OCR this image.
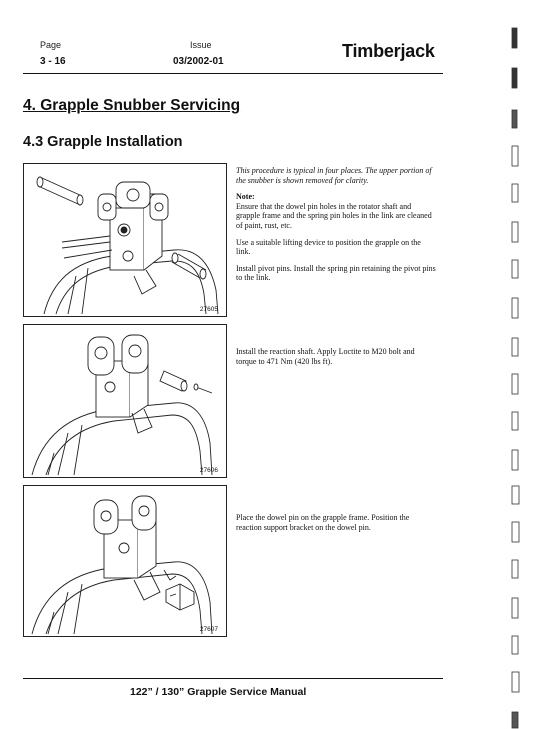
Page
3 - 16
Issue
03/2002-01
Timberjack
4. Grapple Snubber Servicing
4.3 Grapple Installation
27605

This procedure is typical in four places. The upper portion of the snubber is shown removed for clarity.

Note:

Ensure that the dowel pin holes in the rotator shaft and grapple frame and the spring pin holes in the link are cleaned of paint, rust, etc.

Use a suitable lifting device to position the grapple on the link.

Install pivot pins. Install the spring pin retaining the pivot pins to the link.

27606

Install the reaction shaft. Apply Loctite to M20 bolt and torque to 471 Nm (420 lbs ft).

27607

Place the dowel pin on the grapple frame. Position the reaction support bracket on the dowel pin.

122” / 130” Grapple Service Manual
